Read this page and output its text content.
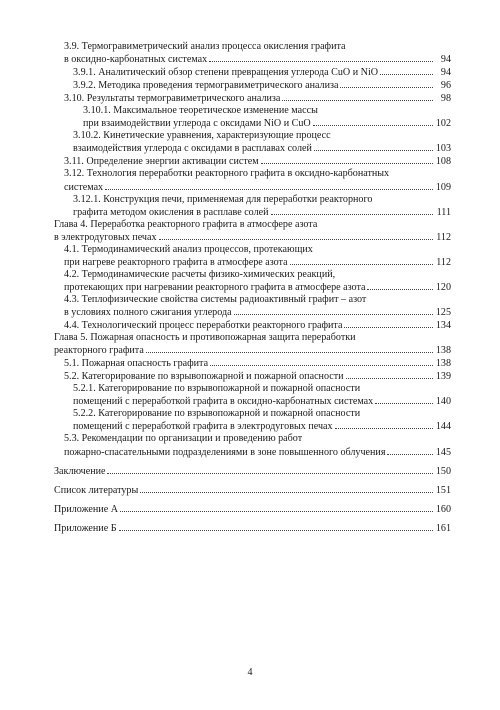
3.9. Термогравиметрический анализ процесса окисления графита
в оксидно-карбонатных системах	94
3.9.1. Аналитический обзор степени превращения углерода CuO и NiO	94
3.9.2. Методика проведения термогравиметрического анализа	96
3.10. Результаты термогравиметрического анализа	98
3.10.1. Максимальное теоретическое изменение массы
при взаимодействии углерода с оксидами NiO и CuO	102
3.10.2. Кинетические уравнения, характеризующие процесс
взаимодействия углерода с оксидами в расплавах солей	103
3.11. Определение энергии активации систем	108
3.12. Технология переработки реакторного графита в оксидно-карбонатных
системах	109
3.12.1. Конструкция печи, применяемая для переработки реакторного
графита методом окисления в расплаве солей	111
Глава 4. Переработка реакторного графита в атмосфере азота
в электродуговых печах	112
4.1. Термодинамический анализ процессов, протекающих
при нагреве реакторного графита в атмосфере азота	112
4.2. Термодинамические расчеты физико-химических реакций,
протекающих при нагревании реакторного графита в атмосфере азота	120
4.3. Теплофизические свойства системы радиоактивный графит – азот
в условиях полного сжигания углерода	125
4.4. Технологический процесс переработки реакторного графита	134
Глава 5. Пожарная опасность и противопожарная защита переработки
реакторного графита	138
5.1. Пожарная опасность графита	138
5.2. Категорирование по взрывопожарной и пожарной опасности	139
5.2.1. Категорирование по взрывопожарной и пожарной опасности
помещений с переработкой графита в оксидно-карбонатных системах	140
5.2.2. Категорирование по взрывопожарной и пожарной опасности
помещений с переработкой графита в электродуговых печах	144
5.3. Рекомендации по организации и проведению работ
пожарно-спасательными подразделениями в зоне повышенного облучения	145
Заключение	150
Список литературы	151
Приложение А	160
Приложение Б	161
4
